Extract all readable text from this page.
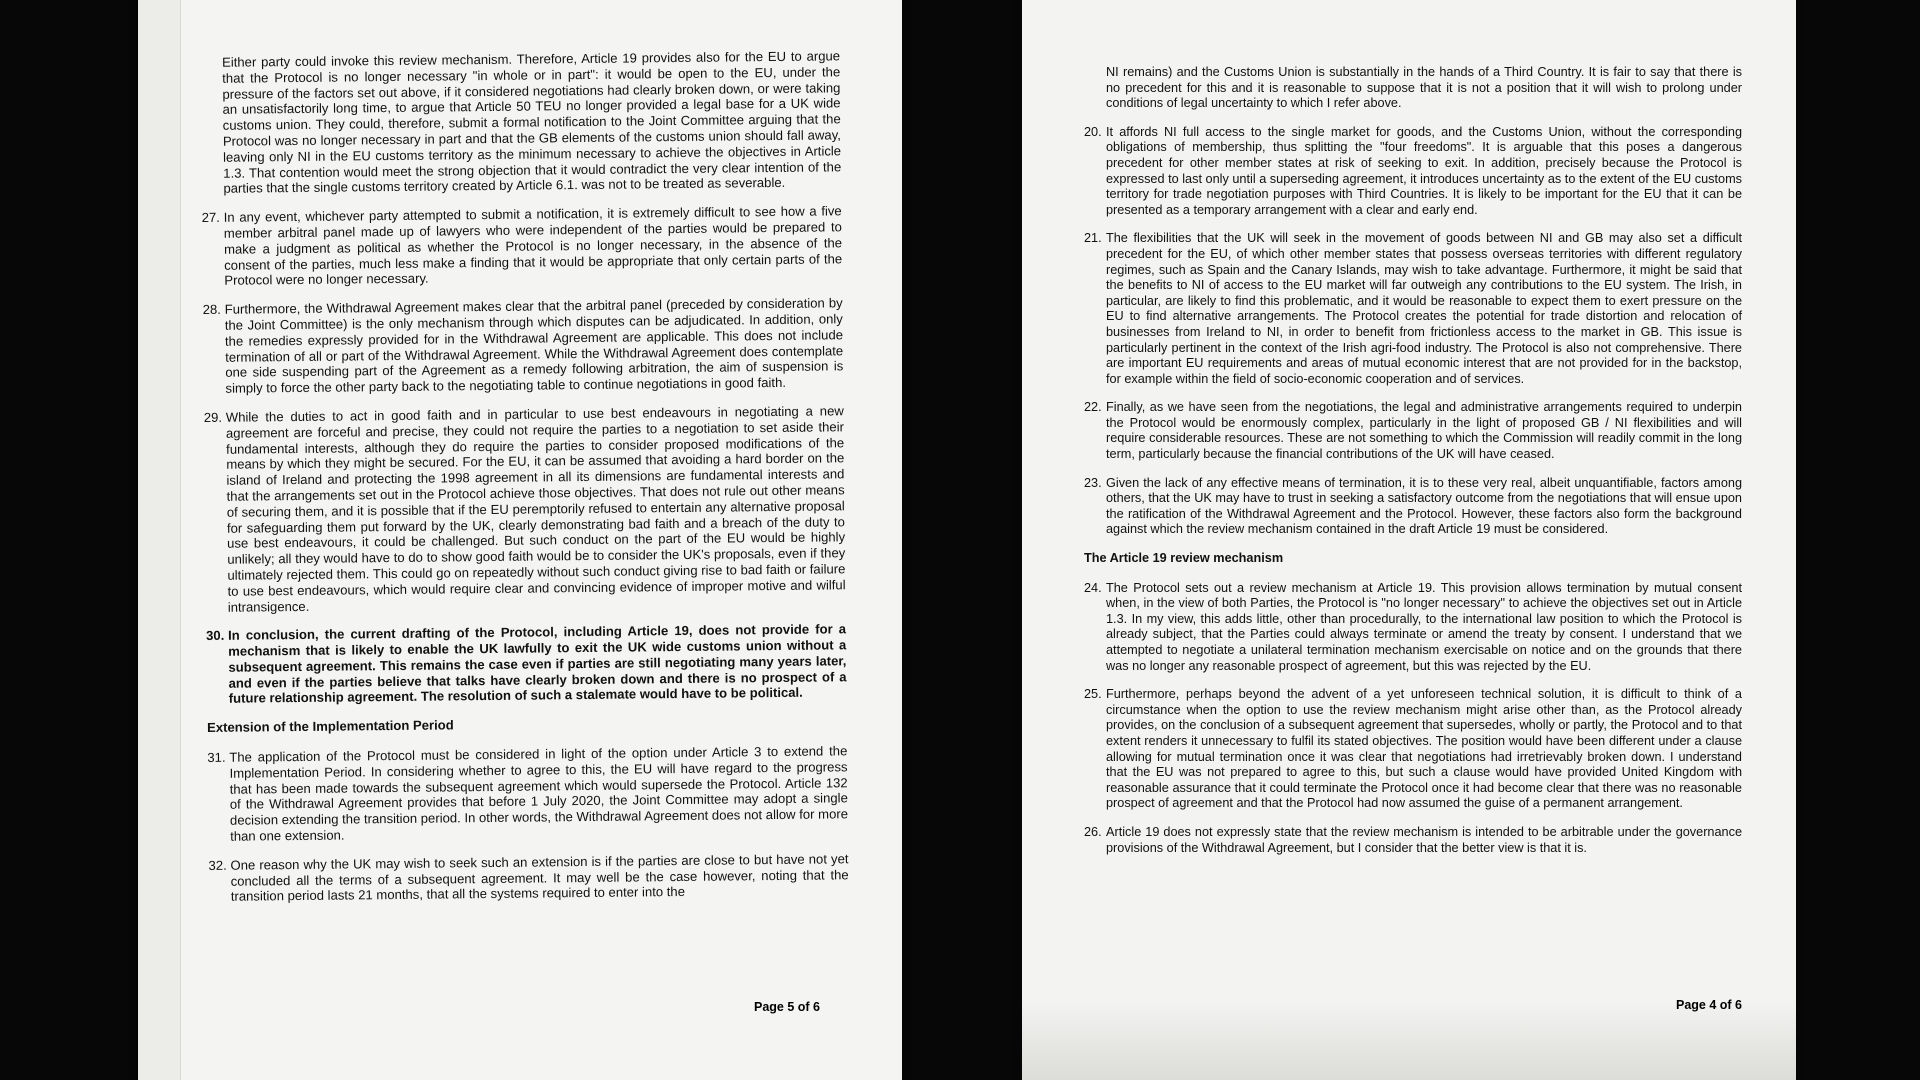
Either party could invoke this review mechanism. Therefore, Article 19 provides also for the EU to argue that the Protocol is no longer necessary "in whole or in part": it would be open to the EU, under the pressure of the factors set out above, if it considered negotiations had clearly broken down, or were taking an unsatisfactorily long time, to argue that Article 50 TEU no longer provided a legal base for a UK wide customs union. They could, therefore, submit a formal notification to the Joint Committee arguing that the Protocol was no longer necessary in part and that the GB elements of the customs union should fall away, leaving only NI in the EU customs territory as the minimum necessary to achieve the objectives in Article 1.3. That contention would meet the strong objection that it would contradict the very clear intention of the parties that the single customs territory created by Article 6.1. was not to be treated as severable.

27. In any event, whichever party attempted to submit a notification, it is extremely difficult to see how a five member arbitral panel made up of lawyers who were independent of the parties would be prepared to make a judgment as political as whether the Protocol is no longer necessary, in the absence of the consent of the parties, much less make a finding that it would be appropriate that only certain parts of the Protocol were no longer necessary.
28. Furthermore, the Withdrawal Agreement makes clear that the arbitral panel (preceded by consideration by the Joint Committee) is the only mechanism through which disputes can be adjudicated. In addition, only the remedies expressly provided for in the Withdrawal Agreement are applicable. This does not include termination of all or part of the Withdrawal Agreement. While the Withdrawal Agreement does contemplate one side suspending part of the Agreement as a remedy following arbitration, the aim of suspension is simply to force the other party back to the negotiating table to continue negotiations in good faith.
29. While the duties to act in good faith and in particular to use best endeavours in negotiating a new agreement are forceful and precise, they could not require the parties to a negotiation to set aside their fundamental interests, although they do require the parties to consider proposed modifications of the means by which they might be secured. For the EU, it can be assumed that avoiding a hard border on the island of Ireland and protecting the 1998 agreement in all its dimensions are fundamental interests and that the arrangements set out in the Protocol achieve those objectives. That does not rule out other means of securing them, and it is possible that if the EU peremptorily refused to entertain any alternative proposal for safeguarding them put forward by the UK, clearly demonstrating bad faith and a breach of the duty to use best endeavours, it could be challenged. But such conduct on the part of the EU would be highly unlikely; all they would have to do to show good faith would be to consider the UK's proposals, even if they ultimately rejected them. This could go on repeatedly without such conduct giving rise to bad faith or failure to use best endeavours, which would require clear and convincing evidence of improper motive and wilful intransigence.
30. In conclusion, the current drafting of the Protocol, including Article 19, does not provide for a mechanism that is likely to enable the UK lawfully to exit the UK wide customs union without a subsequent agreement. This remains the case even if parties are still negotiating many years later, and even if the parties believe that talks have clearly broken down and there is no prospect of a future relationship agreement. The resolution of such a stalemate would have to be political.
Extension of the Implementation Period
31. The application of the Protocol must be considered in light of the option under Article 3 to extend the Implementation Period. In considering whether to agree to this, the EU will have regard to the progress that has been made towards the subsequent agreement which would supersede the Protocol. Article 132 of the Withdrawal Agreement provides that before 1 July 2020, the Joint Committee may adopt a single decision extending the transition period. In other words, the Withdrawal Agreement does not allow for more than one extension.
32. One reason why the UK may wish to seek such an extension is if the parties are close to but have not yet concluded all the terms of a subsequent agreement. It may well be the case however, noting that the transition period lasts 21 months, that all the systems required to enter into the
Page 5 of 6

NI remains) and the Customs Union is substantially in the hands of a Third Country. It is fair to say that there is no precedent for this and it is reasonable to suppose that it is not a position that it will wish to prolong under conditions of legal uncertainty to which I refer above.

20. It affords NI full access to the single market for goods, and the Customs Union, without the corresponding obligations of membership, thus splitting the "four freedoms". It is arguable that this poses a dangerous precedent for other member states at risk of seeking to exit. In addition, precisely because the Protocol is expressed to last only until a superseding agreement, it introduces uncertainty as to the extent of the EU customs territory for trade negotiation purposes with Third Countries. It is likely to be important for the EU that it can be presented as a temporary arrangement with a clear and early end.
21. The flexibilities that the UK will seek in the movement of goods between NI and GB may also set a difficult precedent for the EU, of which other member states that possess overseas territories with different regulatory regimes, such as Spain and the Canary Islands, may wish to take advantage. Furthermore, it might be said that the benefits to NI of access to the EU market will far outweigh any contributions to the EU system. The Irish, in particular, are likely to find this problematic, and it would be reasonable to expect them to exert pressure on the EU to find alternative arrangements. The Protocol creates the potential for trade distortion and relocation of businesses from Ireland to NI, in order to benefit from frictionless access to the market in GB. This issue is particularly pertinent in the context of the Irish agri-food industry. The Protocol is also not comprehensive. There are important EU requirements and areas of mutual economic interest that are not provided for in the backstop, for example within the field of socio-economic cooperation and of services.
22. Finally, as we have seen from the negotiations, the legal and administrative arrangements required to underpin the Protocol would be enormously complex, particularly in the light of proposed GB / NI flexibilities and will require considerable resources. These are not something to which the Commission will readily commit in the long term, particularly because the financial contributions of the UK will have ceased.
23. Given the lack of any effective means of termination, it is to these very real, albeit unquantifiable, factors among others, that the UK may have to trust in seeking a satisfactory outcome from the negotiations that will ensue upon the ratification of the Withdrawal Agreement and the Protocol. However, these factors also form the background against which the review mechanism contained in the draft Article 19 must be considered.
The Article 19 review mechanism
24. The Protocol sets out a review mechanism at Article 19. This provision allows termination by mutual consent when, in the view of both Parties, the Protocol is "no longer necessary" to achieve the objectives set out in Article 1.3. In my view, this adds little, other than procedurally, to the international law position to which the Protocol is already subject, that the Parties could always terminate or amend the treaty by consent. I understand that we attempted to negotiate a unilateral termination mechanism exercisable on notice and on the grounds that there was no longer any reasonable prospect of agreement, but this was rejected by the EU.
25. Furthermore, perhaps beyond the advent of a yet unforeseen technical solution, it is difficult to think of a circumstance when the option to use the review mechanism might arise other than, as the Protocol already provides, on the conclusion of a subsequent agreement that supersedes, wholly or partly, the Protocol and to that extent renders it unnecessary to fulfil its stated objectives. The position would have been different under a clause allowing for mutual termination once it was clear that negotiations had irretrievably broken down. I understand that the EU was not prepared to agree to this, but such a clause would have provided United Kingdom with reasonable assurance that it could terminate the Protocol once it had become clear that there was no reasonable prospect of agreement and that the Protocol had now assumed the guise of a permanent arrangement.
26. Article 19 does not expressly state that the review mechanism is intended to be arbitrable under the governance provisions of the Withdrawal Agreement, but I consider that the better view is that it is.
Page 4 of 6
